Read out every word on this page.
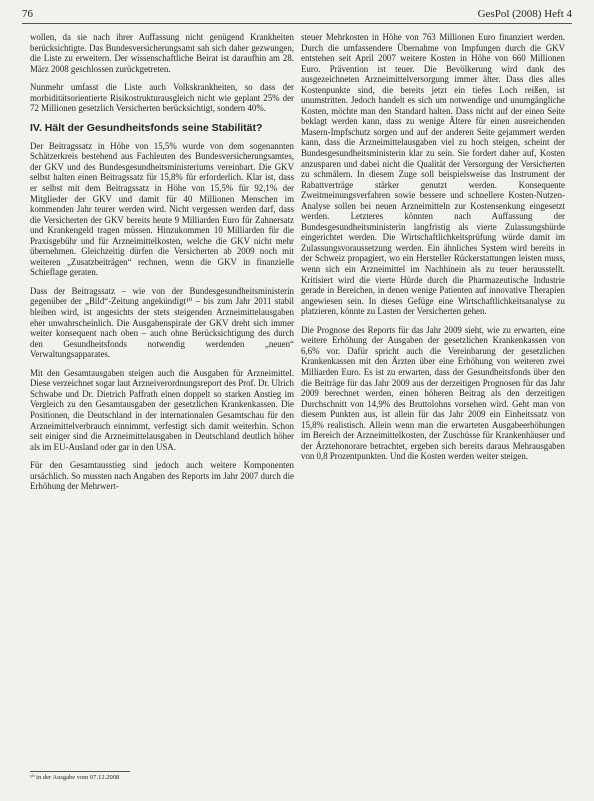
76	GesPol (2008) Heft 4

wollen, da sie nach ihrer Auffassung nicht genügend Krankheiten berücksichtigte. Das Bundesversicherungsamt sah sich daher gezwungen, die Liste zu erweitern. Der wissenschaftliche Beirat ist daraufhin am 28. März 2008 geschlossen zurückgetreten.

Nunmehr umfasst die Liste auch Volkskrankheiten, so dass der morbiditätsorientierte Risikostrukturausgleich nicht wie geplant 25% der 72 Millionen gesetzlich Versicherten berücksichtigt, sondern 40%.

IV. Hält der Gesundheitsfonds seine Stabilität?

Der Beitragssatz in Höhe von 15,5% wurde von dem sogenannten Schätzerkreis bestehend aus Fachleuten des Bundesversicherungsamtes, der GKV und des Bundesgesundheitsministeriums vereinbart. Die GKV selbst halten einen Beitragssatz für 15,8% für erforderlich. Klar ist, dass er selbst mit dem Beitragssatz in Höhe von 15,5% für 92,1% der Mitglieder der GKV und damit für 40 Millionen Menschen im kommenden Jahr teurer werden wird. Nicht vergessen werden darf, dass die Versicherten der GKV bereits heute 9 Milliarden Euro für Zahnersatz und Krankengeld tragen müssen. Hinzukommen 10 Milliarden für die Praxisgebühr und für Arzneimittelkosten, welche die GKV nicht mehr übernehmen. Gleichzeitig dürfen die Versicherten ab 2009 noch mit weiteren „Zusatzbeiträgen“ rechnen, wenn die GKV in finanzielle Schieflage geraten.

Dass der Beitragssatz – wie von der Bundesgesundheitsministerin gegenüber der „Bild“-Zeitung angekündigt¹⁰ – bis zum Jahr 2011 stabil bleiben wird, ist angesichts der stets steigenden Arzneimittelausgaben eher unwahrscheinlich. Die Ausgabenspirale der GKV dreht sich immer weiter konsequent nach oben – auch ohne Berücksichtigung des durch den Gesundheitsfonds notwendig werdenden „neuen“ Verwaltungsapparates.

Mit den Gesamtausgaben steigen auch die Ausgaben für Arzneimittel. Diese verzeichnet sogar laut Arzneiverordnungsreport des Prof. Dr. Ulrich Schwabe und Dr. Dietrich Paffrath einen doppelt so starken Anstieg im Vergleich zu den Gesamtausgaben der gesetzlichen Krankenkassen. Die Positionen, die Deutschland in der internationalen Gesamtschau für den Arzneimittelverbrauch einnimmt, verfestigt sich damit weiterhin. Schon seit einiger sind die Arzneimittelausgaben in Deutschland deutlich höher als im EU-Ausland oder gar in den USA.

Für den Gesamtausstieg sind jedoch auch weitere Komponenten ursächlich. So mussten nach Angaben des Reports im Jahr 2007 durch die Erhöhung der Mehrwert-

steuer Mehrkosten in Höhe von 763 Millionen Euro finanziert werden. Durch die umfassendere Übernahme von Impfungen durch die GKV entstehen seit April 2007 weitere Kosten in Höhe von 660 Millionen Euro. Prävention ist teuer. Die Bevölkerung wird dank des ausgezeichneten Arzneimittelversorgung immer älter. Dass dies alles Kostenpunkte sind, die bereits jetzt ein tiefes Loch reißen, ist unumstritten. Jedoch handelt es sich um notwendige und unumgängliche Kosten, möchte man den Standard halten. Dass nicht auf der einen Seite beklagt werden kann, dass zu wenige Ältere für einen ausreichenden Masern-Impfschutz sorgen und auf der anderen Seite gejammert werden kann, dass die Arzneimittelausgaben viel zu hoch steigen, scheint der Bundesgesundheitsministerin klar zu sein. Sie fordert daher auf, Kosten anzusparen und dabei nicht die Qualität der Versorgung der Versicherten zu schmälern. In diesem Zuge soll beispielsweise das Instrument der Rabattverträge stärker genutzt werden. Konsequente Zweitmeinungsverfahren sowie bessere und schnellere Kosten-Nutzen-Analyse sollen bei neuen Arzneimitteln zur Kostensenkung eingesetzt werden. Letzteres könnten nach Auffassung der Bundesgesundheitsministerin langfristig als vierte Zulassungshürde eingerichtet werden. Die Wirtschaftlichkeitsprüfung würde damit im Zulassungsvoraussetzung werden. Ein ähnliches System wird bereits in der Schweiz propagiert, wo ein Hersteller Rückerstattungen leisten muss, wenn sich ein Arzneimittel im Nachhinein als zu teuer herausstellt. Kritisiert wird die vierte Hürde durch die Pharmazeutische Industrie gerade in Bereichen, in denen wenige Patienten auf innovative Therapien angewiesen sein. In dieses Gefüge eine Wirtschaftlichkeitsanalyse zu platzieren, könnte zu Lasten der Versicherten gehen.

Die Prognose des Reports für das Jahr 2009 sieht, wie zu erwarten, eine weitere Erhöhung der Ausgaben der gesetzlichen Krankenkassen von 6,6% vor. Dafür spricht auch die Vereinbarung der gesetzlichen Krankenkassen mit den Ärzten über eine Erhöhung von weiteren zwei Milliarden Euro. Es ist zu erwarten, dass der Gesundheitsfonds über den die Beiträge für das Jahr 2009 aus der derzeitigen Prognosen für das Jahr 2009 berechnet werden, einen höheren Beitrag als den derzeitigen Durchschnitt von 14,9% des Bruttolohns vorsehen wird. Geht man von diesem Punkten aus, ist allein für das Jahr 2009 ein Einheitssatz von 15,8% realistisch. Allein wenn man die erwarteten Ausgabeerhöhungen im Bereich der Arzneimittelkosten, der Zuschüsse für Krankenhäuser und der Ärztehonorare betrachtet, ergeben sich bereits daraus Mehrausgaben von 0,8 Prozentpunkten. Und die Kosten werden weiter steigen.

¹⁰ in der Ausgabe vom 07.12.2008
